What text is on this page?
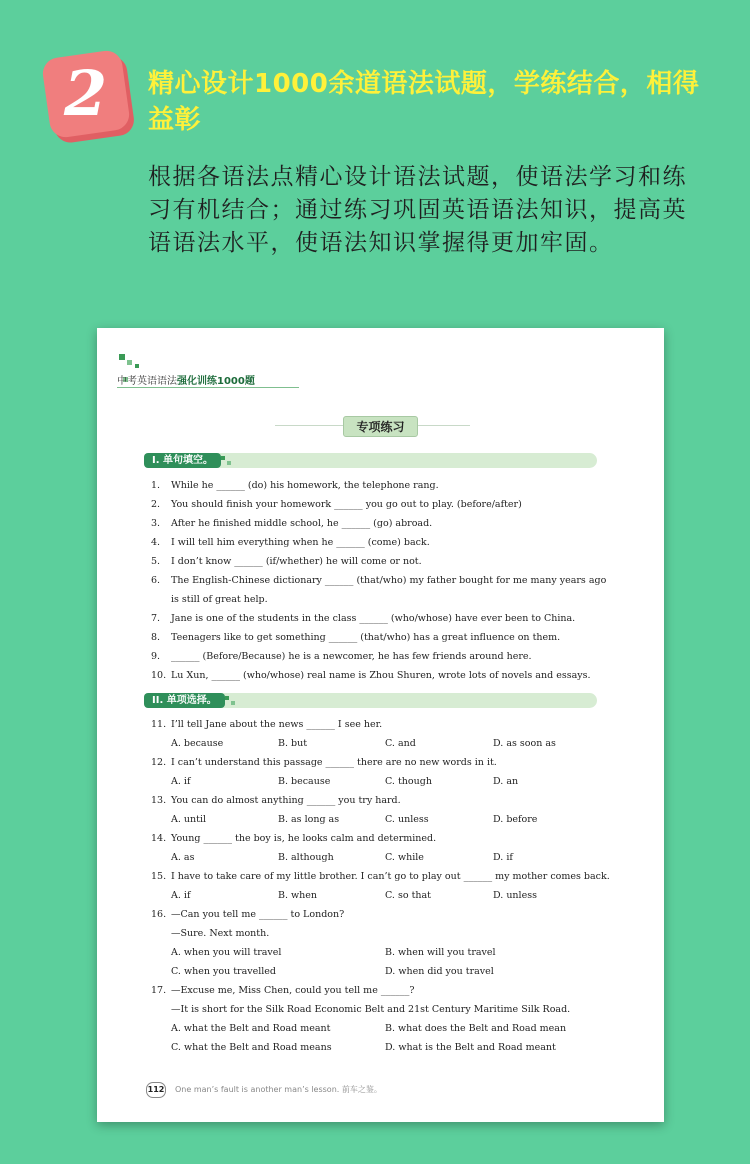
2 精心设计1000余道语法试题，学练结合，相得益彰
根据各语法点精心设计语法试题，使语法学习和练习有机结合；通过练习巩固英语语法知识，提高英语语法水平，使语法知识掌握得更加牢固。
中考英语语法强化训练1000题
专项练习
I. 单句填空。
1. While he ______ (do) his homework, the telephone rang.
2. You should finish your homework ______ you go out to play. (before/after)
3. After he finished middle school, he ______ (go) abroad.
4. I will tell him everything when he ______ (come) back.
5. I don’t know ______ (if/whether) he will come or not.
6. The English-Chinese dictionary ______ (that/who) my father bought for me many years ago
is still of great help.
7. Jane is one of the students in the class ______ (who/whose) have ever been to China.
8. Teenagers like to get something ______ (that/who) has a great influence on them.
9. ______ (Before/Because) he is a newcomer, he has few friends around here.
10. Lu Xun, ______ (who/whose) real name is Zhou Shuren, wrote lots of novels and essays.
II. 单项选择。
11. I’ll tell Jane about the news ______ I see her.
A. because	B. but	C. and	D. as soon as
12. I can’t understand this passage ______ there are no new words in it.
A. if	B. because	C. though	D. an
13. You can do almost anything ______ you try hard.
A. until	B. as long as	C. unless	D. before
14. Young ______ the boy is, he looks calm and determined.
A. as	B. although	C. while	D. if
15. I have to take care of my little brother. I can’t go to play out ______ my mother comes back.
A. if	B. when	C. so that	D. unless
16. —Can you tell me ______ to London?
—Sure. Next month.
A. when you will travel	B. when will you travel
C. when you travelled	D. when did you travel
17. —Excuse me, Miss Chen, could you tell me ______?
—It is short for the Silk Road Economic Belt and 21st Century Maritime Silk Road.
A. what the Belt and Road meant	B. what does the Belt and Road mean
C. what the Belt and Road means	D. what is the Belt and Road meant
112 One man’s fault is another man’s lesson. 前车之鉴。
